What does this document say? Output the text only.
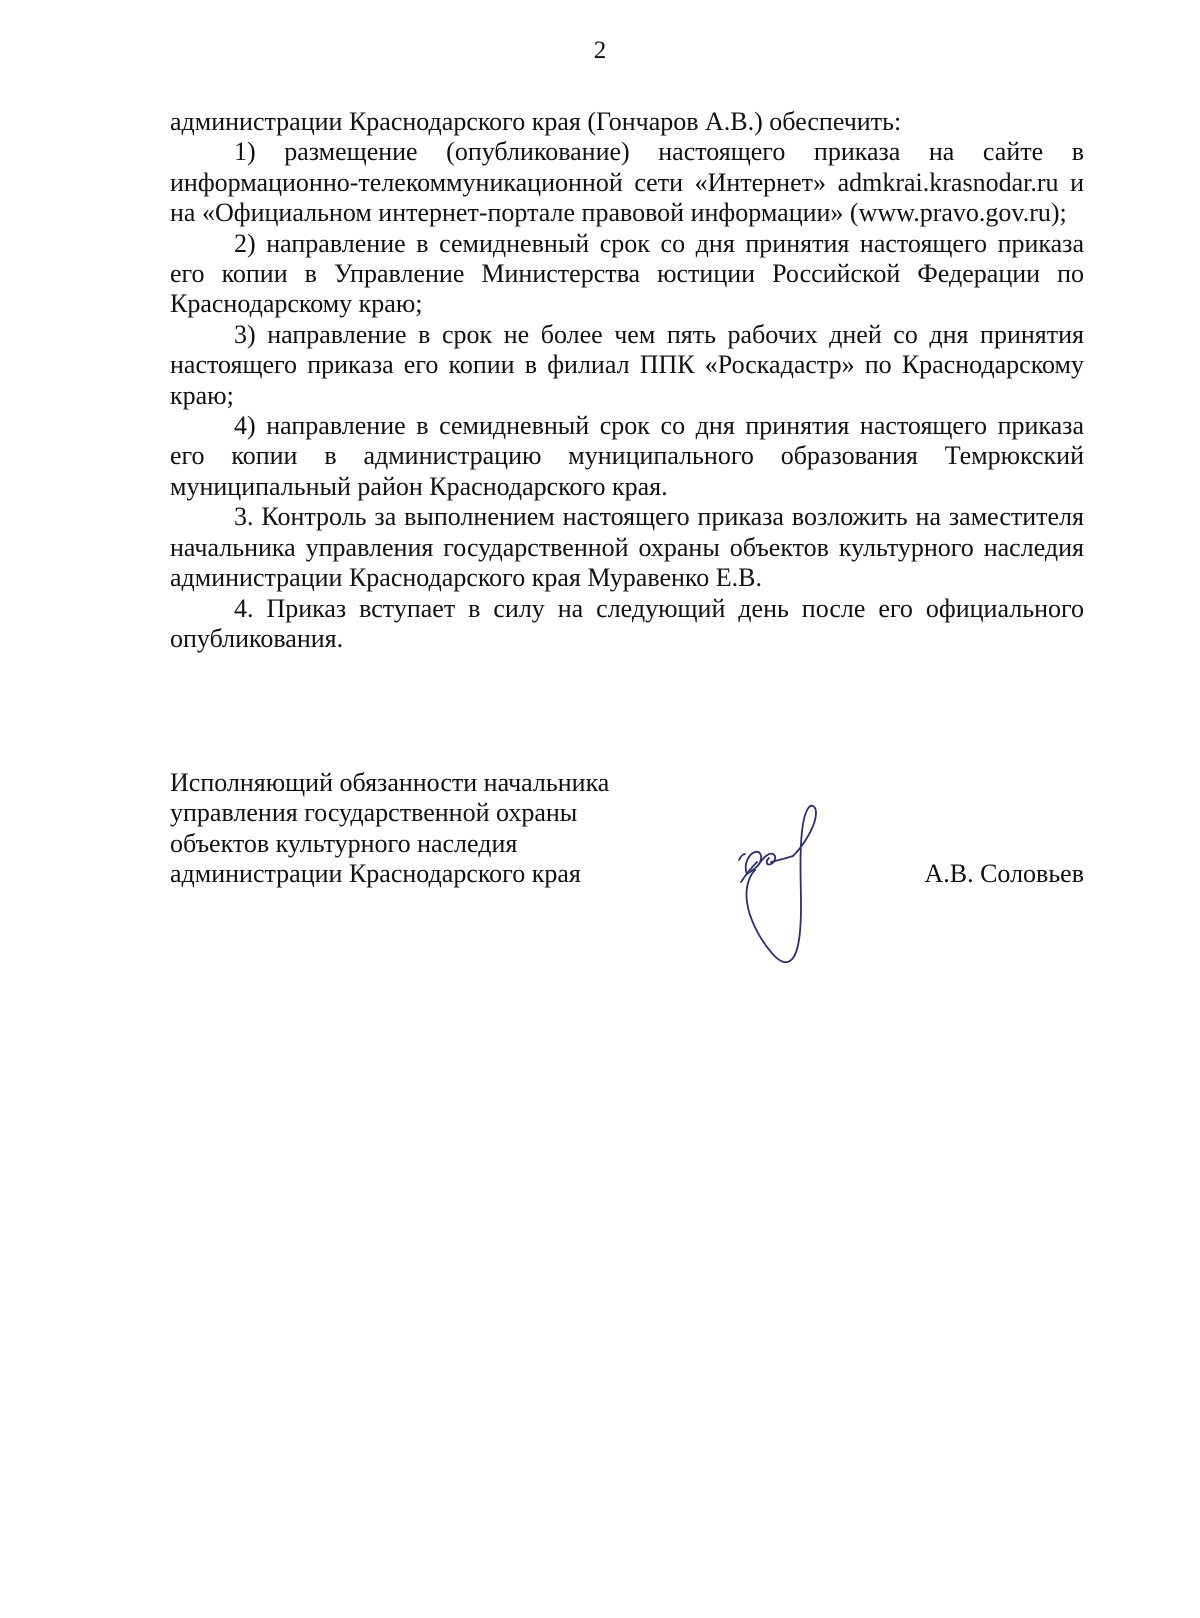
2

администрации Краснодарского края (Гончаров А.В.) обеспечить:

1) размещение (опубликование) настоящего приказа на сайте в информационно-телекоммуникационной сети «Интернет» admkrai.krasnodar.ru и на «Официальном интернет-портале правовой информации» (www.pravo.gov.ru);

2) направление в семидневный срок со дня принятия настоящего приказа его копии в Управление Министерства юстиции Российской Федерации по Краснодарскому краю;

3) направление в срок не более чем пять рабочих дней со дня принятия настоящего приказа его копии в филиал ППК «Роскадастр» по Краснодарскому краю;

4) направление в семидневный срок со дня принятия настоящего приказа его копии в администрацию муниципального образования Темрюкский муниципальный район Краснодарского края.

3. Контроль за выполнением настоящего приказа возложить на заместителя начальника управления государственной охраны объектов культурного наследия администрации Краснодарского края Муравенко Е.В.

4. Приказ вступает в силу на следующий день после его официального опубликования.

Исполняющий обязанности начальника
управления государственной охраны
объектов культурного наследия
администрации Краснодарского края	А.В. Соловьев
